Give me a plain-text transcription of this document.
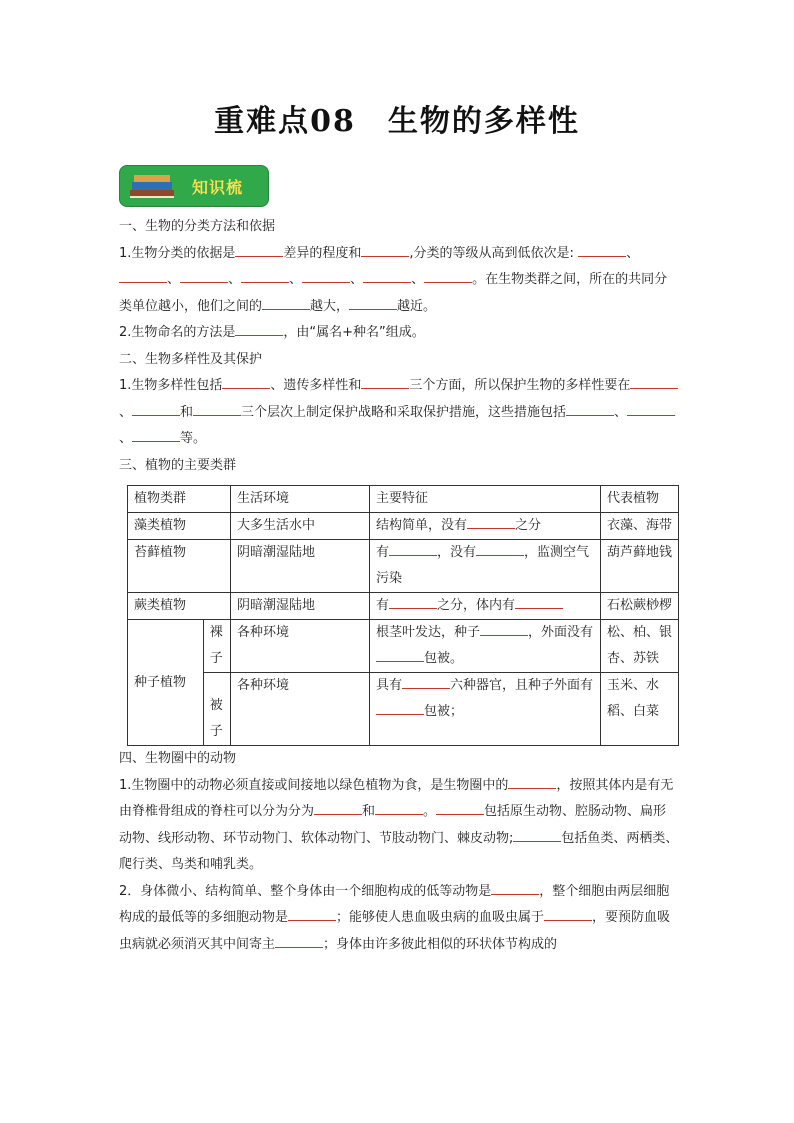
重难点08　生物的多样性
知识梳

一、生物的分类方法和依据

1.生物分类的依据是	差异的程度和	,分类的等级从高到低依次是:	、、	、	、	、	、	。在生物类群之间，所在的共同分类单位越小，他们之间的	越大，	越近。

2.生物命名的方法是	，由“属名+种名”组成。

二、生物多样性及其保护

1.生物多样性包括	、遗传多样性和	三个方面，所以保护生物的多样性要在、	和	三个层次上制定保护战略和采取保护措施，这些措施包括	、、	等。

三、植物的主要类群

植物类群		生活环境	主要特征	代表植物
藻类植物		大多生活水中	结构简单，没有 之分	衣藻、海带
苔藓植物		阴暗潮湿陆地	有 ，没有 ，监测空气污染	葫芦藓地钱
蕨类植物		阴暗潮湿陆地	有 之分，体内有	石松蕨桫椤
种子植物	裸子	各种环境	根茎叶发达，种子 ，外面没有包被。	松、柏、银杏、苏铁
	被子	各种环境	具有 六种器官，且种子外面有包被；	玉米、水稻、白菜

四、生物圈中的动物

1.生物圈中的动物必须直接或间接地以绿色植物为食，是生物圈中的	，按照其体内是有无由脊椎骨组成的脊柱可以分为分为	和	。	包括原生动物、腔肠动物、扁形动物、线形动物、环节动物门、软体动物门、节肢动物门、棘皮动物;	包括鱼类、两栖类、爬行类、鸟类和哺乳类。

2．身体微小、结构简单、整个身体由一个细胞构成的低等动物是	，整个细胞由两层细胞构成的最低等的多细胞动物是	；能够使人患血吸虫病的血吸虫属于	，要预防血吸虫病就必须消灭其中间寄主	；身体由许多彼此相似的环状体节构成的
